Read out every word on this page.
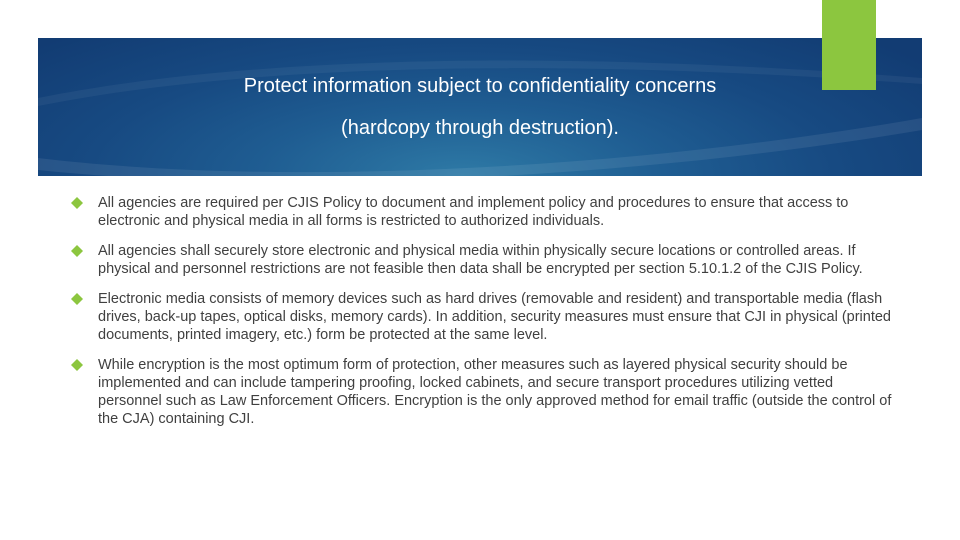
Protect information subject to confidentiality concerns
(hardcopy through destruction).
All agencies are required per CJIS Policy to document and implement policy and procedures to ensure that access to electronic and physical media in all forms is restricted to authorized individuals.
All agencies shall securely store electronic and physical media within physically secure locations or controlled areas. If physical and personnel restrictions are not feasible then data shall be encrypted per section 5.10.1.2 of the CJIS Policy.
Electronic media consists of memory devices such as hard drives (removable and resident) and transportable media (flash drives, back-up tapes, optical disks, memory cards). In addition, security measures must ensure that CJI in physical (printed documents, printed imagery, etc.) form be protected at the same level.
While encryption is the most optimum form of protection, other measures such as layered physical security should be implemented and can include tampering proofing, locked cabinets, and secure transport procedures utilizing vetted personnel such as Law Enforcement Officers. Encryption is the only approved method for email traffic (outside the control of the CJA) containing CJI.
